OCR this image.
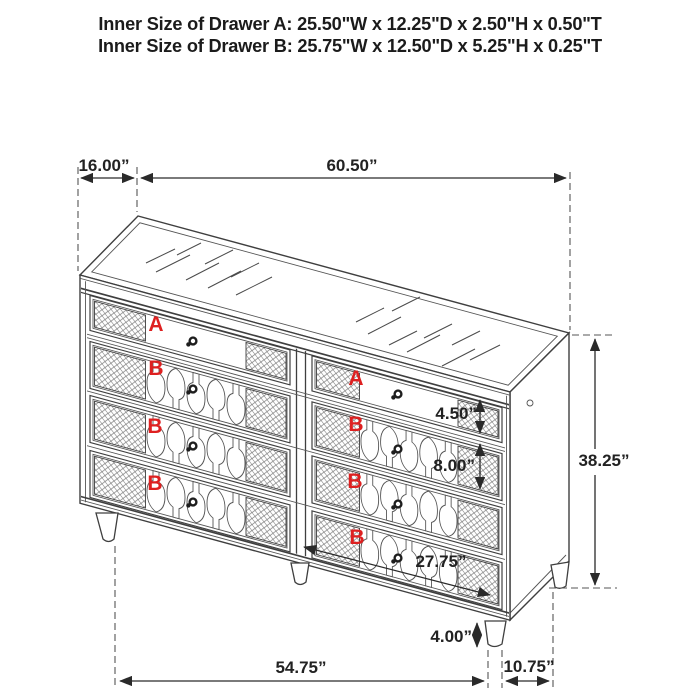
Inner Size of Drawer A: 25.50"W x 12.25"D x 2.50"H x 0.50"T
Inner Size of Drawer B: 25.75"W x 12.50"D x 5.25"H x 0.25"T
16.00”	60.50”
A
B
B
B
A
B
B
B
4.50”
8.00”
27.75”
38.25”
4.00”
54.75”	10.75”
